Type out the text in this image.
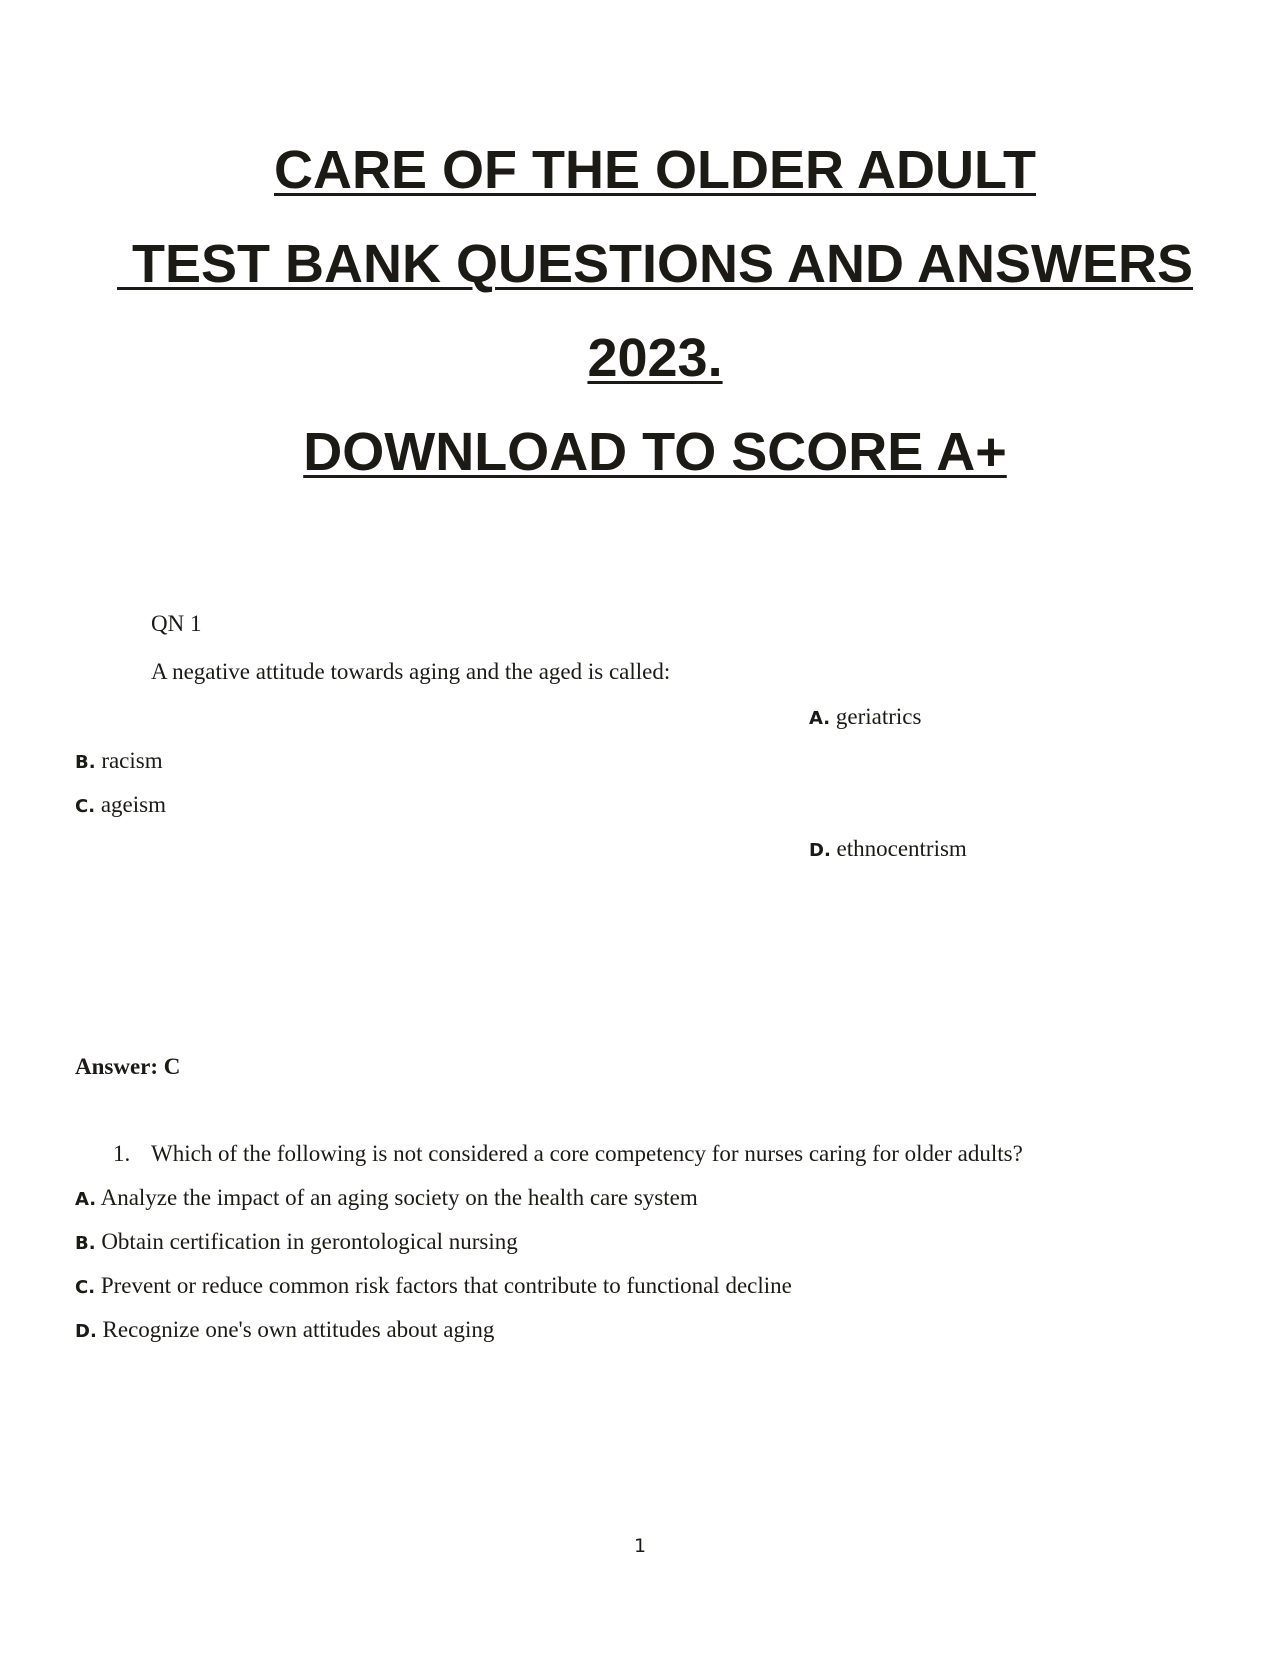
CARE OF THE OLDER ADULT

TEST BANK QUESTIONS AND ANSWERS

2023.

DOWNLOAD TO SCORE A+

QN 1
A negative attitude towards aging and the aged is called:
A. geriatrics
B. racism
C. ageism
D. ethnocentrism
Answer: C
1. Which of the following is not considered a core competency for nurses caring for older adults?
A. Analyze the impact of an aging society on the health care system
B. Obtain certification in gerontological nursing
C. Prevent or reduce common risk factors that contribute to functional decline
D. Recognize one's own attitudes about aging
1
